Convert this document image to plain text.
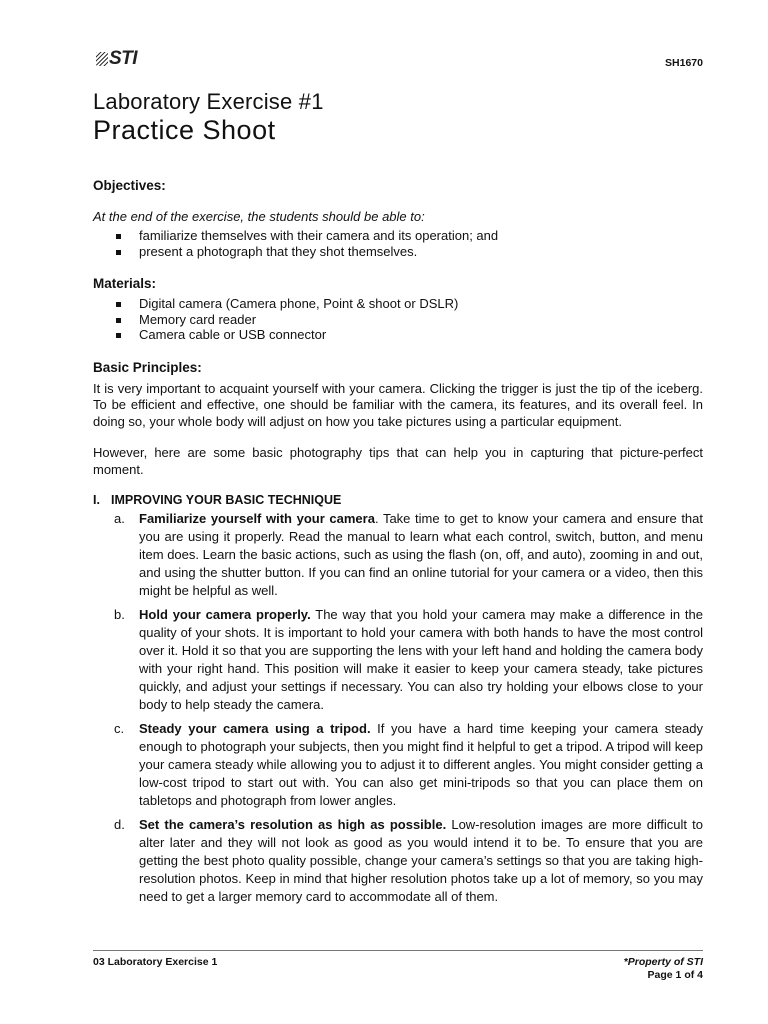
STI	SH1670
Laboratory Exercise #1
Practice Shoot

Objectives:

At the end of the exercise, the students should be able to:

familiarize themselves with their camera and its operation; and
present a photograph that they shot themselves.

Materials:

Digital camera (Camera phone, Point & shoot or DSLR)
Memory card reader
Camera cable or USB connector

Basic Principles:

It is very important to acquaint yourself with your camera. Clicking the trigger is just the tip of the iceberg. To be efficient and effective, one should be familiar with the camera, its features, and its overall feel. In doing so, your whole body will adjust on how you take pictures using a particular equipment.

However, here are some basic photography tips that can help you in capturing that picture-perfect moment.

I. IMPROVING YOUR BASIC TECHNIQUE

a. Familiarize yourself with your camera. Take time to get to know your camera and ensure that you are using it properly. Read the manual to learn what each control, switch, button, and menu item does. Learn the basic actions, such as using the flash (on, off, and auto), zooming in and out, and using the shutter button. If you can find an online tutorial for your camera or a video, then this might be helpful as well.
b. Hold your camera properly. The way that you hold your camera may make a difference in the quality of your shots. It is important to hold your camera with both hands to have the most control over it. Hold it so that you are supporting the lens with your left hand and holding the camera body with your right hand. This position will make it easier to keep your camera steady, take pictures quickly, and adjust your settings if necessary. You can also try holding your elbows close to your body to help steady the camera.
c. Steady your camera using a tripod. If you have a hard time keeping your camera steady enough to photograph your subjects, then you might find it helpful to get a tripod. A tripod will keep your camera steady while allowing you to adjust it to different angles. You might consider getting a low-cost tripod to start out with. You can also get mini-tripods so that you can place them on tabletops and photograph from lower angles.
d. Set the camera’s resolution as high as possible. Low-resolution images are more difficult to alter later and they will not look as good as you would intend it to be. To ensure that you are getting the best photo quality possible, change your camera’s settings so that you are taking high-resolution photos. Keep in mind that higher resolution photos take up a lot of memory, so you may need to get a larger memory card to accommodate all of them.
03 Laboratory Exercise 1	*Property of STI
Page 1 of 4
